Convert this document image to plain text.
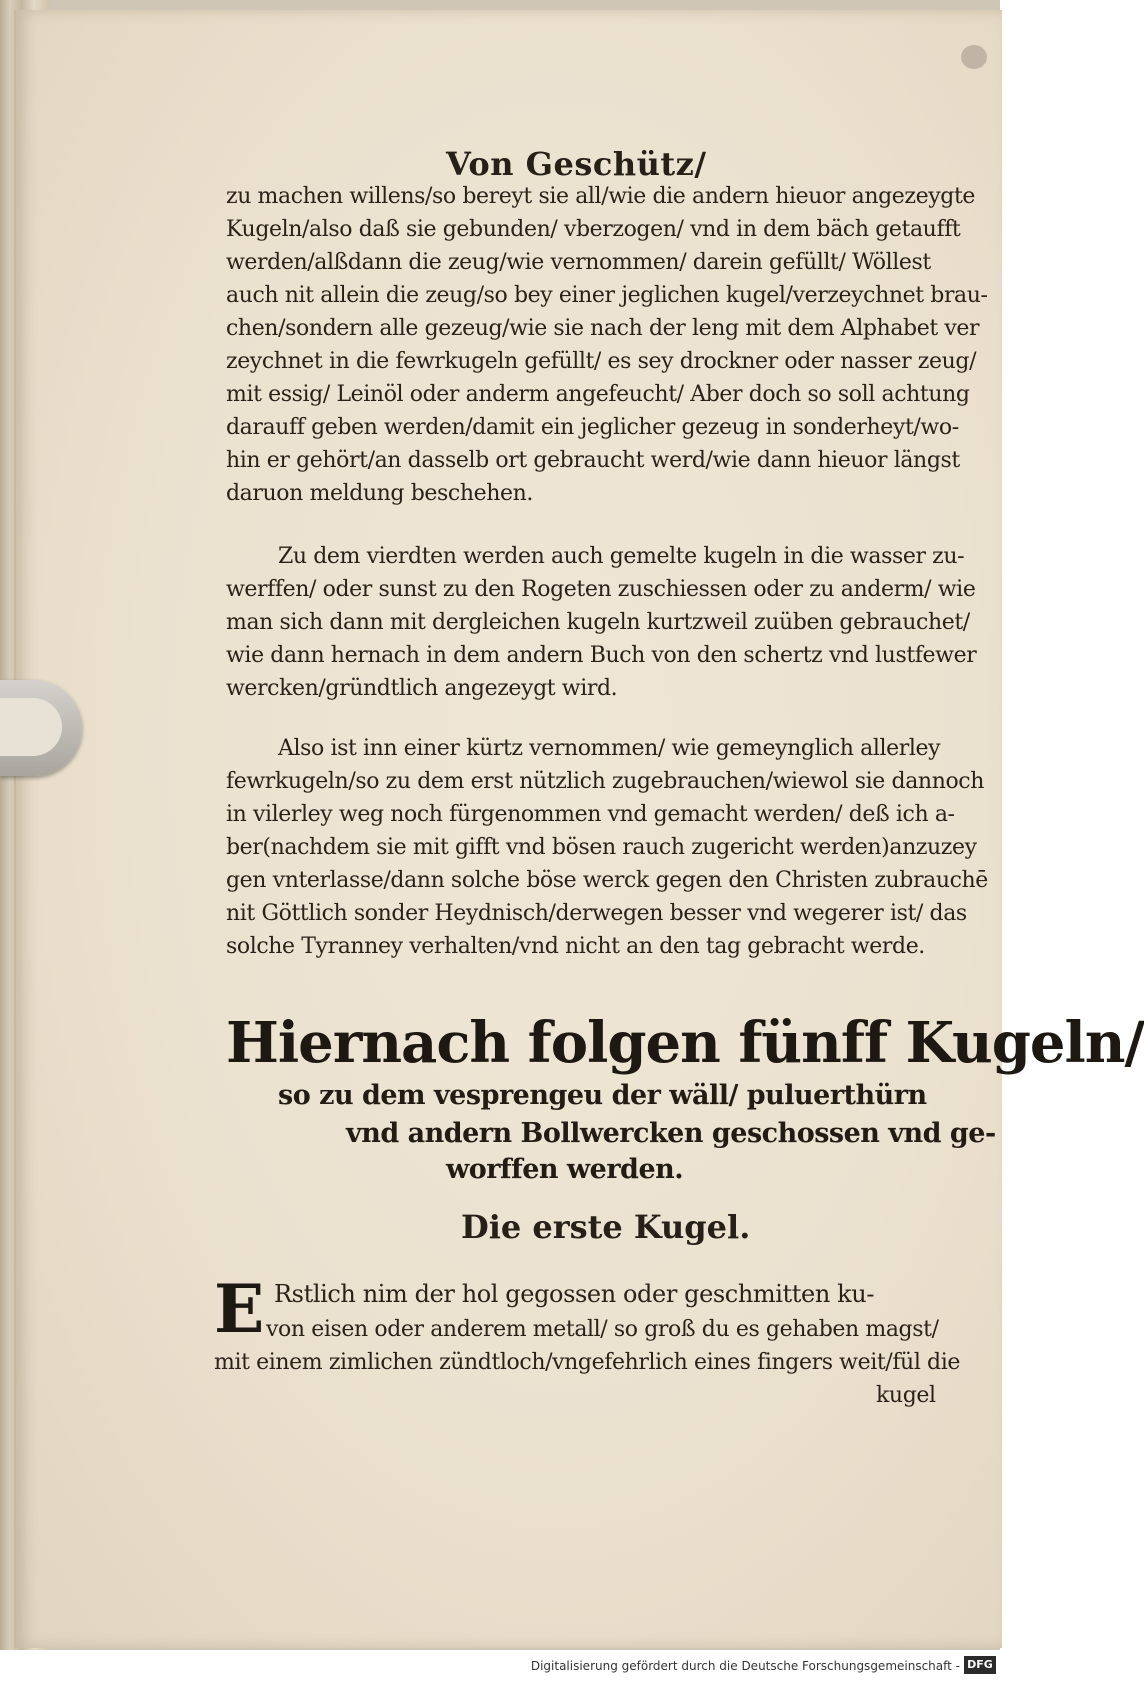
Von Geschütz/
zu machen willens/so bereyt sie all/wie die andern hieuor angezeygte
Kugeln/also daß sie gebunden/ vberzogen/ vnd in dem bäch getaufft
werden/alßdann die zeug/wie vernommen/ darein gefüllt/ Wöllest
auch nit allein die zeug/so bey einer jeglichen kugel/verzeychnet brau-
chen/sondern alle gezeug/wie sie nach der leng mit dem Alphabet ver
zeychnet in die fewrkugeln gefüllt/ es sey drockner oder nasser zeug/
mit essig/ Leinöl oder anderm angefeucht/ Aber doch so soll achtung
darauff geben werden/damit ein jeglicher gezeug in sonderheyt/wo-
hin er gehört/an dasselb ort gebraucht werd/wie dann hieuor längst
daruon meldung beschehen.
Zu dem vierdten werden auch gemelte kugeln in die wasser zu-
werffen/ oder sunst zu den Rogeten zuschiessen oder zu anderm/ wie
man sich dann mit dergleichen kugeln kurtzweil zuüben gebrauchet/
wie dann hernach in dem andern Buch von den schertz vnd lustfewer
wercken/gründtlich angezeygt wird.
Also ist inn einer kürtz vernommen/ wie gemeynglich allerley
fewrkugeln/so zu dem erst nützlich zugebrauchen/wiewol sie dannoch
in vilerley weg noch fürgenommen vnd gemacht werden/ deß ich a-
ber(nachdem sie mit gifft vnd bösen rauch zugericht werden)anzuzey
gen vnterlasse/dann solche böse werck gegen den Christen zubrauchē
nit Göttlich sonder Heydnisch/derwegen besser vnd wegerer ist/ das
solche Tyranney verhalten/vnd nicht an den tag gebracht werde.
Hiernach folgen fünff Kugeln/
so zu dem vesprengeu der wäll/ puluerthürn
vnd andern Bollwercken geschossen vnd ge-
worffen werden.
Die erste Kugel.
E Rstlich nim der hol gegossen oder geschmitten ku-
von eisen oder anderem metall/ so groß du es gehaben magst/
mit einem zimlichen zündtloch/vngefehrlich eines fingers weit/fül die
kugel
Digitalisierung gefördert durch die Deutsche Forschungsgemeinschaft - DFG
